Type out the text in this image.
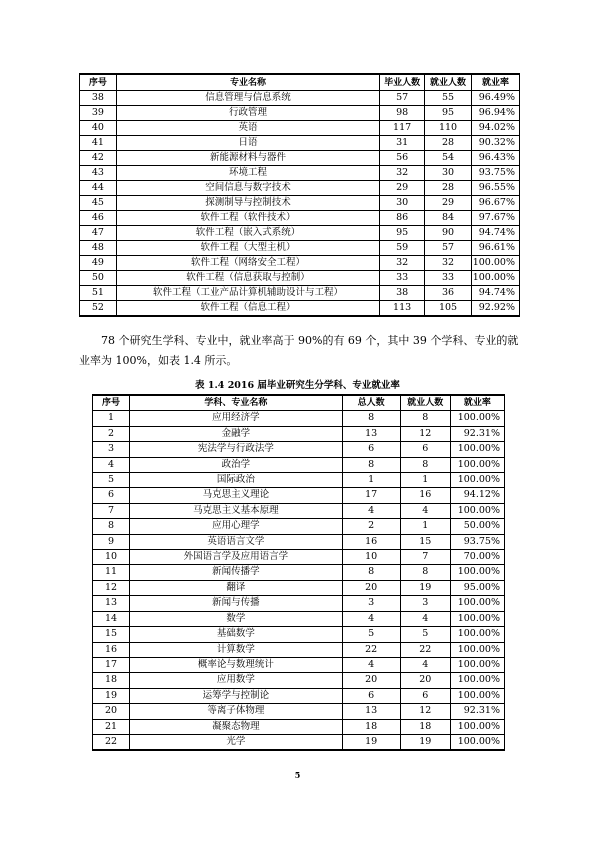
序号	专业名称	毕业人数	就业人数	就业率
38	信息管理与信息系统	57	55	96.49%
39	行政管理	98	95	96.94%
40	英语	117	110	94.02%
41	日语	31	28	90.32%
42	新能源材料与器件	56	54	96.43%
43	环境工程	32	30	93.75%
44	空间信息与数字技术	29	28	96.55%
45	探测制导与控制技术	30	29	96.67%
46	软件工程（软件技术）	86	84	97.67%
47	软件工程（嵌入式系统）	95	90	94.74%
48	软件工程（大型主机）	59	57	96.61%
49	软件工程（网络安全工程）	32	32	100.00%
50	软件工程（信息获取与控制）	33	33	100.00%
51	软件工程（工业产品计算机辅助设计与工程）	38	36	94.74%
52	软件工程（信息工程）	113	105	92.92%

78 个研究生学科、专业中，就业率高于 90%的有 69 个，其中 39 个学科、专业的就业率为 100%，如表 1.4 所示。

表 1.4 2016 届毕业研究生分学科、专业就业率
序号	学科、专业名称	总人数	就业人数	就业率
1	应用经济学	8	8	100.00%
2	金融学	13	12	92.31%
3	宪法学与行政法学	6	6	100.00%
4	政治学	8	8	100.00%
5	国际政治	1	1	100.00%
6	马克思主义理论	17	16	94.12%
7	马克思主义基本原理	4	4	100.00%
8	应用心理学	2	1	50.00%
9	英语语言文学	16	15	93.75%
10	外国语言学及应用语言学	10	7	70.00%
11	新闻传播学	8	8	100.00%
12	翻译	20	19	95.00%
13	新闻与传播	3	3	100.00%
14	数学	4	4	100.00%
15	基础数学	5	5	100.00%
16	计算数学	22	22	100.00%
17	概率论与数理统计	4	4	100.00%
18	应用数学	20	20	100.00%
19	运筹学与控制论	6	6	100.00%
20	等离子体物理	13	12	92.31%
21	凝聚态物理	18	18	100.00%
22	光学	19	19	100.00%
5
